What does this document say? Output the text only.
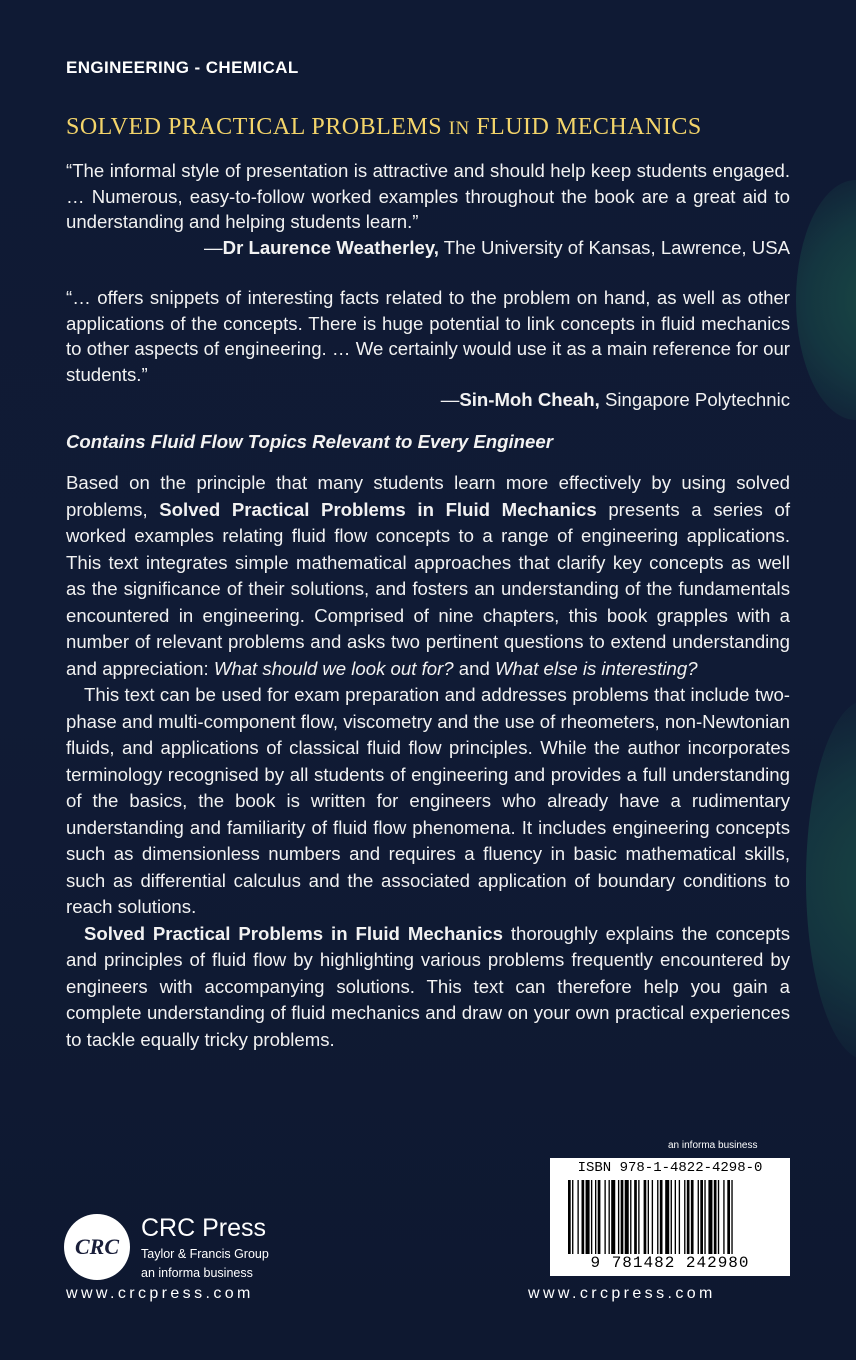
ENGINEERING - CHEMICAL
SOLVED PRACTICAL PROBLEMS IN FLUID MECHANICS
“The informal style of presentation is attractive and should help keep students engaged. … Numerous, easy-to-follow worked examples throughout the book are a great aid to understanding and helping students learn.”
—Dr Laurence Weatherley, The University of Kansas, Lawrence, USA
“… offers snippets of interesting facts related to the problem on hand, as well as other applications of the concepts. There is huge potential to link concepts in fluid mechanics to other aspects of engineering. … We certainly would use it as a main reference for our students.”
—Sin-Moh Cheah, Singapore Polytechnic
Contains Fluid Flow Topics Relevant to Every Engineer

Based on the principle that many students learn more effectively by using solved problems, Solved Practical Problems in Fluid Mechanics presents a series of worked examples relating fluid flow concepts to a range of engineering applications. This text integrates simple mathematical approaches that clarify key concepts as well as the significance of their solutions, and fosters an understanding of the fundamentals encountered in engineering. Comprised of nine chapters, this book grapples with a number of relevant problems and asks two pertinent questions to extend understanding and appreciation: What should we look out for? and What else is interesting?

This text can be used for exam preparation and addresses problems that include two-phase and multi-component flow, viscometry and the use of rheometers, non-Newtonian fluids, and applications of classical fluid flow principles. While the author incorporates terminology recognised by all students of engineering and provides a full understanding of the basics, the book is written for engineers who already have a rudimentary understanding and familiarity of fluid flow phenomena. It includes engineering concepts such as dimensionless numbers and requires a fluency in basic mathematical skills, such as differential calculus and the associated application of boundary conditions to reach solutions.

Solved Practical Problems in Fluid Mechanics thoroughly explains the concepts and principles of fluid flow by highlighting various problems frequently encountered by engineers with accompanying solutions. This text can therefore help you gain a complete understanding of fluid mechanics and draw on your own practical experiences to tackle equally tricky problems.

an informa business
ISBN 978-1-4822-4298-0
9 781482 242980
CRC
CRC Press
Taylor & Francis Group
an informa business
www.crcpress.com	www.crcpress.com
